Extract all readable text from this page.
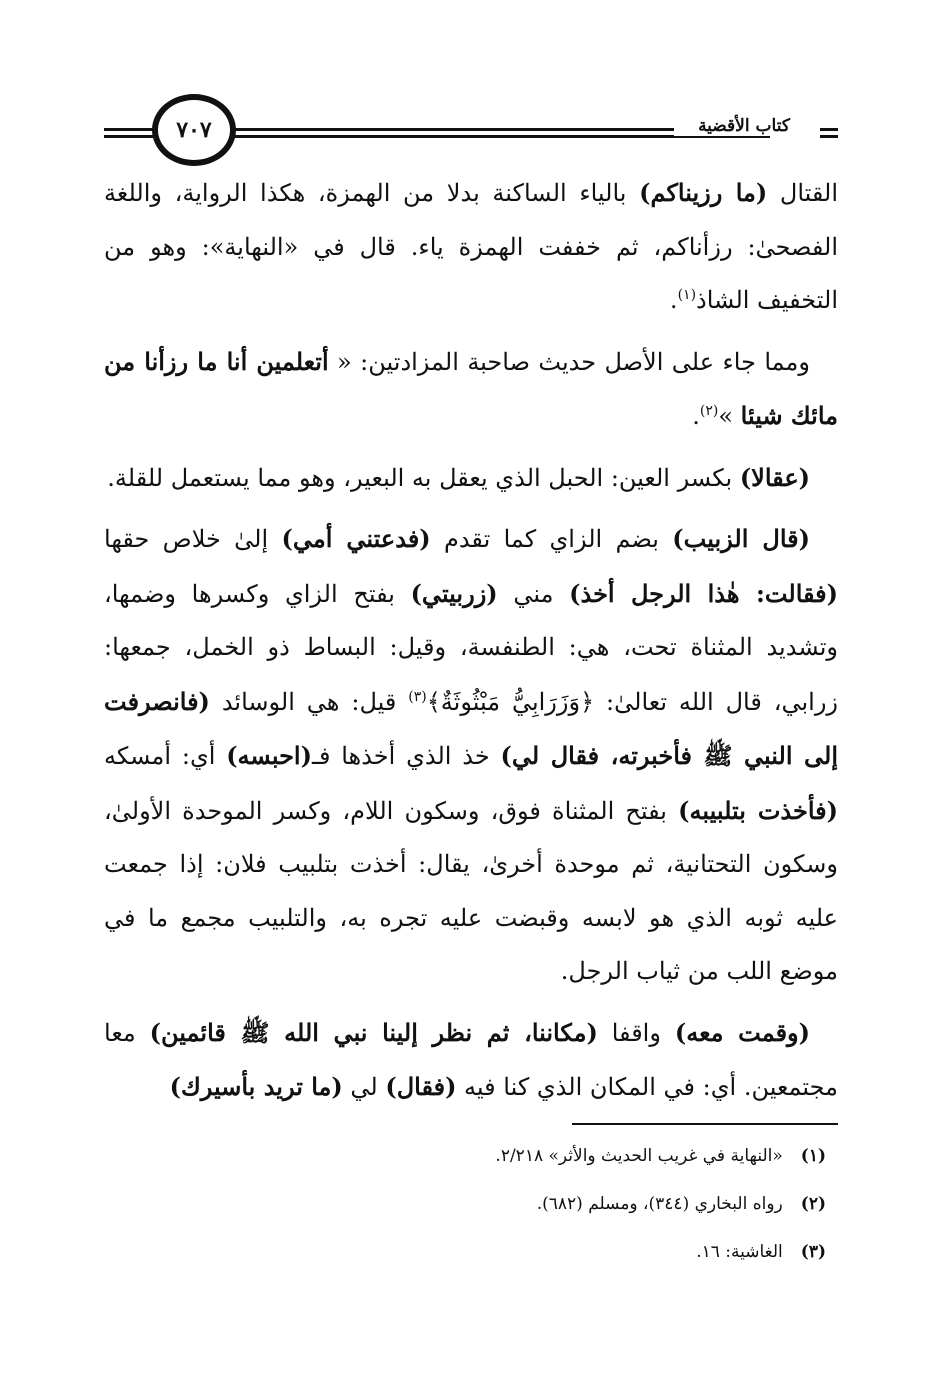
كتاب الأقضية
٧٠٧

القتال (ما رزيناكم) بالياء الساكنة بدلا من الهمزة، هكذا الرواية، واللغة الفصحىٰ: رزأناكم، ثم خففت الهمزة ياء. قال في «النهاية»: وهو من التخفيف الشاذ$^{(١)}$.

ومما جاء على الأصل حديث صاحبة المزادتين: « أتعلمين أنا ما رزأنا من مائك شيئا »$^{(٢)}$.

(عقالا) بكسر العين: الحبل الذي يعقل به البعير، وهو مما يستعمل للقلة.

(قال الزبيب) بضم الزاي كما تقدم (فدعتني أمي) إلىٰ خلاص حقها (فقالت: هٰذا الرجل أخذ) مني (زربيتي) بفتح الزاي وكسرها وضمها، وتشديد المثناة تحت، هي: الطنفسة، وقيل: البساط ذو الخمل، جمعها: زرابي، قال الله تعالىٰ: ﴿وَزَرَابِيُّ مَبْثُوثَةٌ﴾$^{(٣)}$ قيل: هي الوسائد (فانصرفت إلى النبي ﷺ فأخبرته، فقال لي) خذ الذي أخذها فـ(احبسه) أي: أمسكه (فأخذت بتلبيبه) بفتح المثناة فوق، وسكون اللام، وكسر الموحدة الأولىٰ، وسكون التحتانية، ثم موحدة أخرىٰ، يقال: أخذت بتلبيب فلان: إذا جمعت عليه ثوبه الذي هو لابسه وقبضت عليه تجره به، والتلبيب مجمع ما في موضع اللب من ثياب الرجل.

(وقمت معه) واقفا (مكاننا، ثم نظر إلينا نبي الله ﷺ قائمين) معا مجتمعين. أي: في المكان الذي كنا فيه (فقال) لي (ما تريد بأسيرك)

(١)«النهاية في غريب الحديث والأثر» ٢/٢١٨.
(٢)رواه البخاري (٣٤٤)، ومسلم (٦٨٢).
(٣)الغاشية: ١٦.
